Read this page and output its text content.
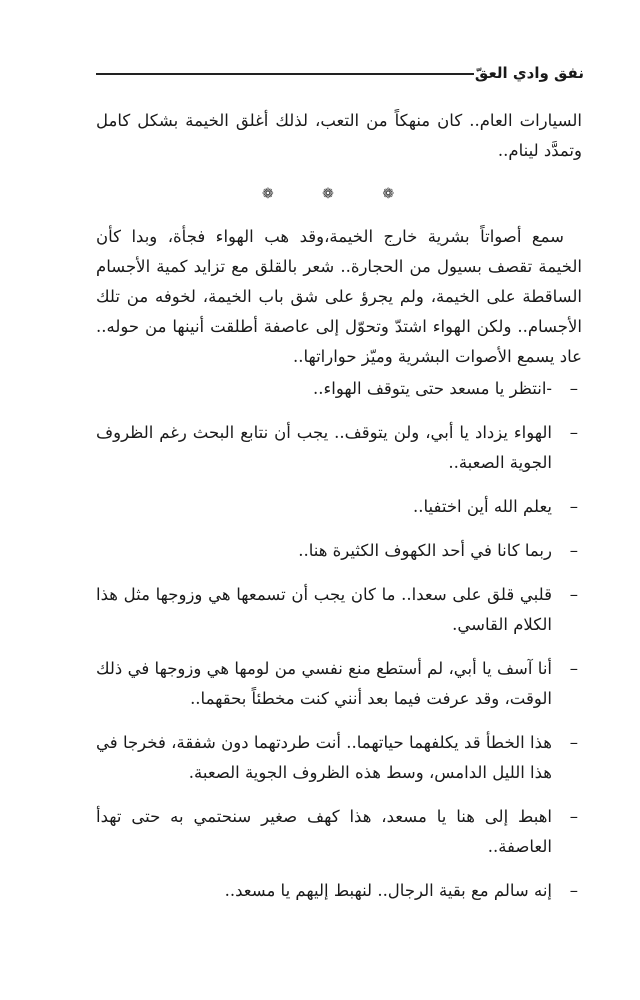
نفق وادي العقّ

السيارات العام.. كان منهكاً من التعب، لذلك أغلق الخيمة بشكل كامل وتمدَّد لينام..

❁ ❁ ❁

سمع أصواتاً بشرية خارج الخيمة،وقد هب الهواء فجأة، وبدا كأن الخيمة تقصف بسيول من الحجارة.. شعر بالقلق مع تزايد كمية الأجسام الساقطة على الخيمة، ولم يجرؤ على شق باب الخيمة، لخوفه من تلك الأجسام.. ولكن الهواء اشتدّ وتحوّل إلى عاصفة أطلقت أنينها من حوله.. عاد يسمع الأصوات البشرية وميّز حواراتها..

–
-انتظر يا مسعد حتى يتوقف الهواء..
–
الهواء يزداد يا أبي، ولن يتوقف.. يجب أن نتابع البحث رغم الظروف الجوية الصعبة..
–
يعلم الله أين اختفيا..
–
ربما كانا في أحد الكهوف الكثيرة هنا..
–
قلبي قلق على سعدا.. ما كان يجب أن تسمعها هي وزوجها مثل هذا الكلام القاسي.
–
أنا آسف يا أبي، لم أستطع منع نفسي من لومها هي وزوجها في ذلك الوقت، وقد عرفت فيما بعد أنني كنت مخطئاً بحقهما..
–
هذا الخطأ قد يكلفهما حياتهما.. أنت طردتهما دون شفقة، فخرجا في هذا الليل الدامس، وسط هذه الظروف الجوية الصعبة.
–
اهبط إلى هنا يا مسعد، هذا كهف صغير سنحتمي به حتى تهدأ العاصفة..
–
إنه سالم مع بقية الرجال.. لنهبط إليهم يا مسعد..
